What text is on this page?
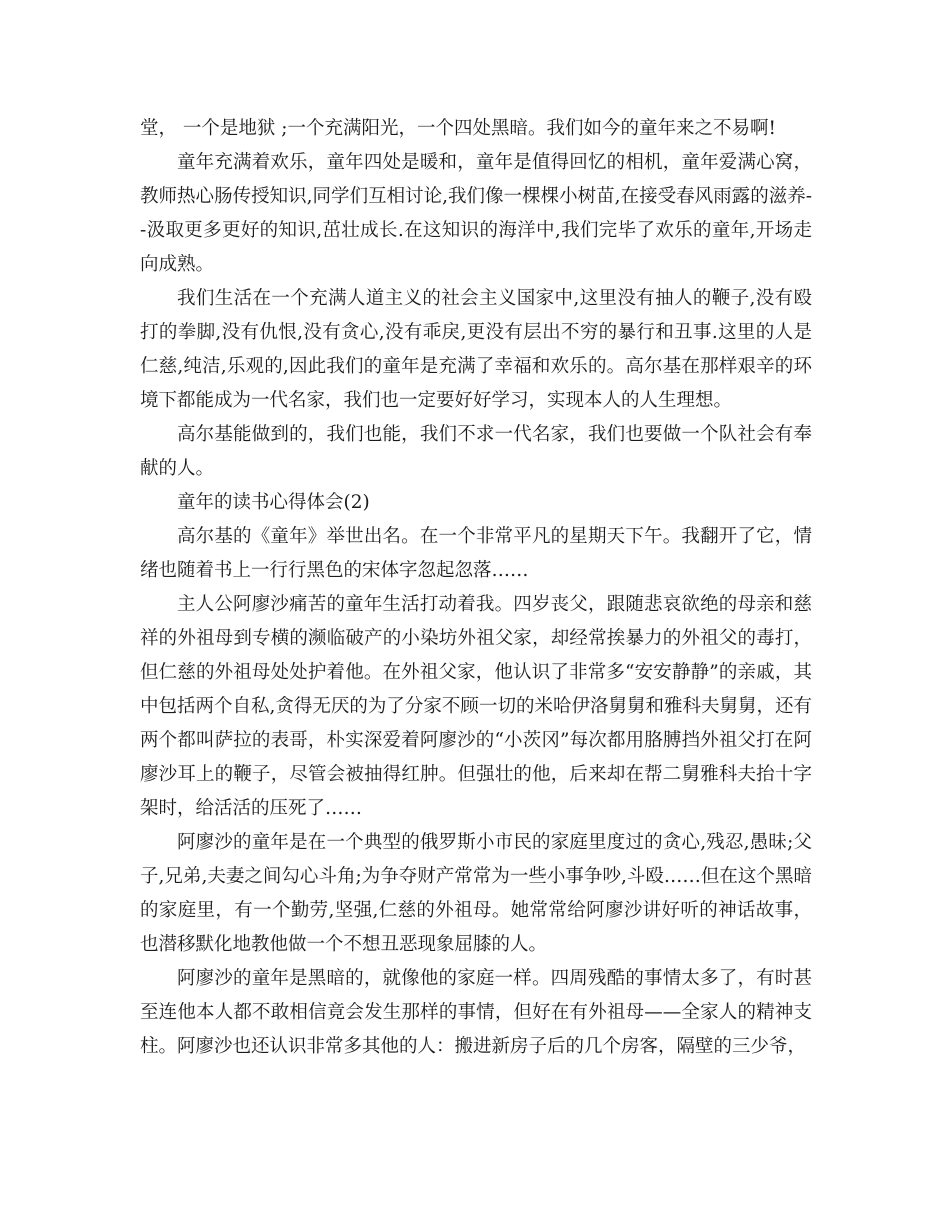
堂， 一个是地狱 ;一个充满阳光，一个四处黑暗。我们如今的童年来之不易啊!

童年充满着欢乐，童年四处是暖和，童年是值得回忆的相机，童年爱满心窝，教师热心肠传授知识,同学们互相讨论,我们像一棵棵小树苗,在接受春风雨露的滋养--汲取更多更好的知识,茁壮成长.在这知识的海洋中,我们完毕了欢乐的童年,开场走向成熟。

我们生活在一个充满人道主义的社会主义国家中,这里没有抽人的鞭子,没有殴打的拳脚,没有仇恨,没有贪心,没有乖戾,更没有层出不穷的暴行和丑事.这里的人是仁慈,纯洁,乐观的,因此我们的童年是充满了幸福和欢乐的。高尔基在那样艰辛的环境下都能成为一代名家，我们也一定要好好学习，实现本人的人生理想。

高尔基能做到的，我们也能，我们不求一代名家，我们也要做一个队社会有奉献的人。

童年的读书心得体会(2)

高尔基的《童年》举世出名。在一个非常平凡的星期天下午。我翻开了它，情绪也随着书上一行行黑色的宋体字忽起忽落……

主人公阿廖沙痛苦的童年生活打动着我。四岁丧父，跟随悲哀欲绝的母亲和慈祥的外祖母到专横的濒临破产的小染坊外祖父家，却经常挨暴力的外祖父的毒打，但仁慈的外祖母处处护着他。在外祖父家，他认识了非常多“安安静静”的亲戚，其中包括两个自私,贪得无厌的为了分家不顾一切的米哈伊洛舅舅和雅科夫舅舅，还有两个都叫萨拉的表哥，朴实深爱着阿廖沙的“小茨冈”每次都用胳膊挡外祖父打在阿廖沙耳上的鞭子，尽管会被抽得红肿。但强壮的他，后来却在帮二舅雅科夫抬十字架时，给活活的压死了……

阿廖沙的童年是在一个典型的俄罗斯小市民的家庭里度过的贪心,残忍,愚昧;父子,兄弟,夫妻之间勾心斗角;为争夺财产常常为一些小事争吵,斗殴……但在这个黑暗的家庭里，有一个勤劳,坚强,仁慈的外祖母。她常常给阿廖沙讲好听的神话故事，也潜移默化地教他做一个不想丑恶现象屈膝的人。

阿廖沙的童年是黑暗的，就像他的家庭一样。四周残酷的事情太多了，有时甚至连他本人都不敢相信竟会发生那样的事情，但好在有外祖母——全家人的精神支柱。阿廖沙也还认识非常多其他的人：搬进新房子后的几个房客，隔壁的三少爷，
